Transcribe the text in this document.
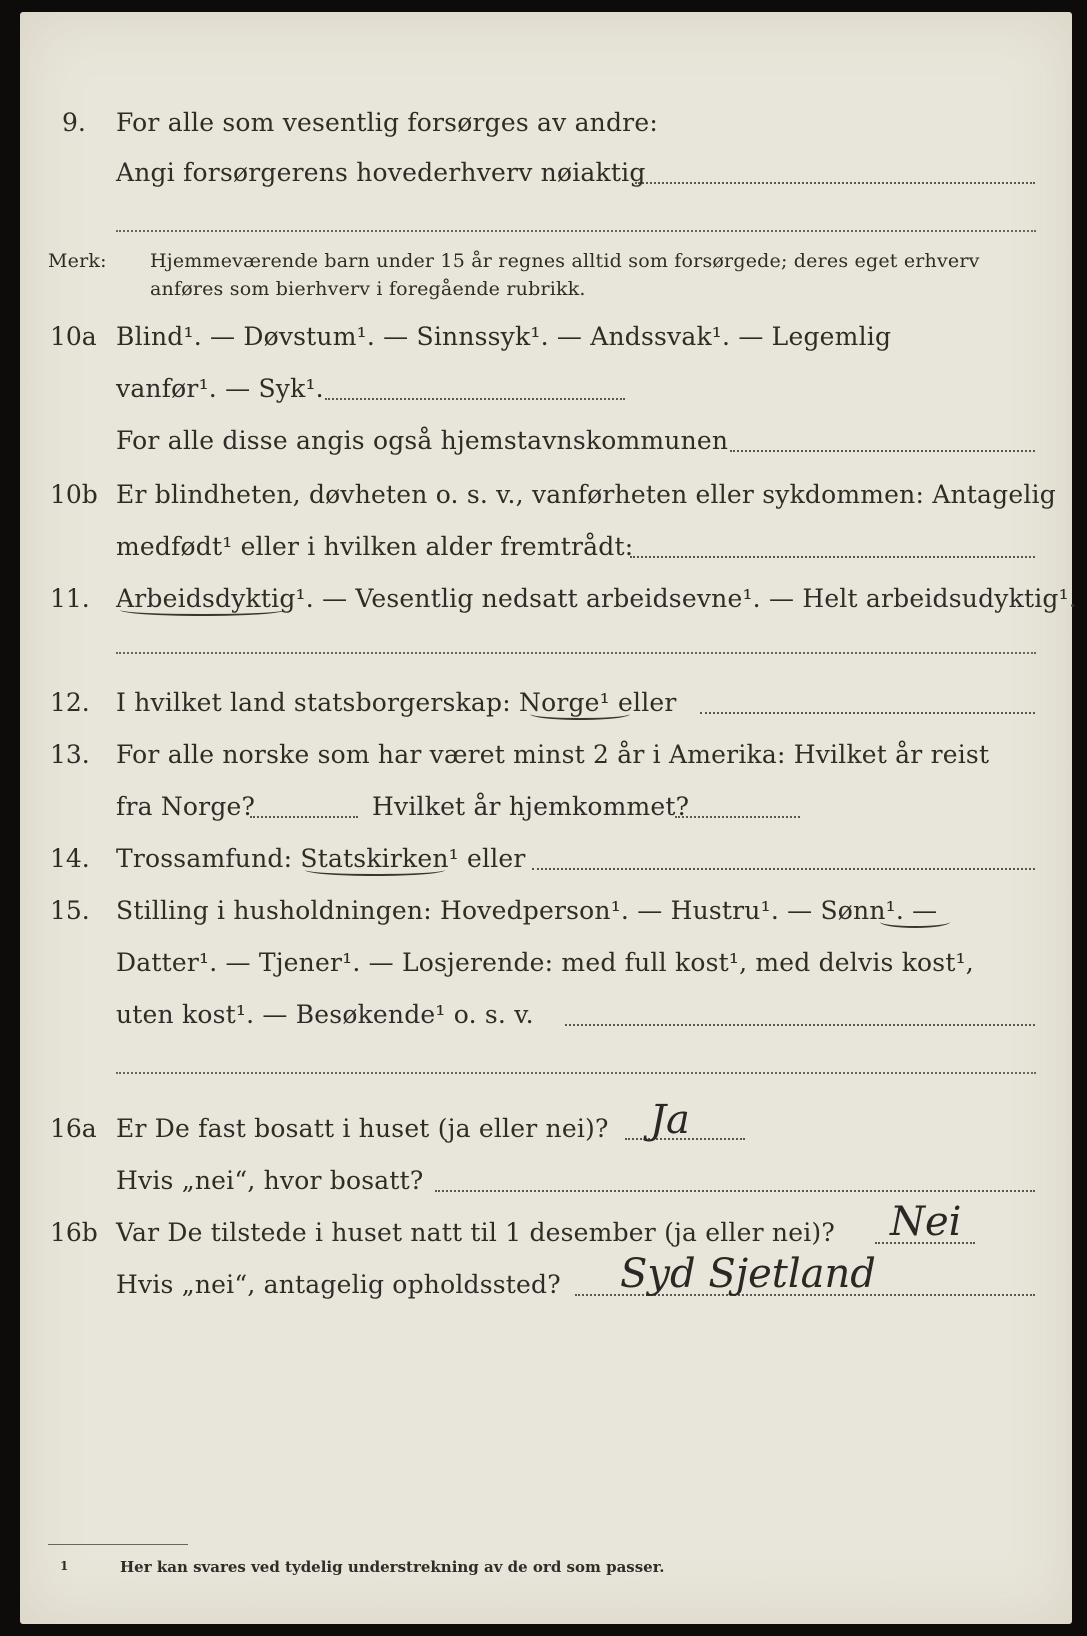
9. For alle som vesentlig forsørges av andre:
Angi forsørgerens hovederhverv nøiaktig
Merk: Hjemmeværende barn under 15 år regnes alltid som forsørgede; deres eget erhverv
anføres som bierhverv i foregående rubrikk.
10a Blind¹. — Døvstum¹. — Sinnssyk¹. — Andssvak¹. — Legemlig
vanfør¹. — Syk¹.
For alle disse angis også hjemstavnskommunen
10b Er blindheten, døvheten o. s. v., vanførheten eller sykdommen: Antagelig
medfødt¹ eller i hvilken alder fremtrådt:
11. Arbeidsdyktig¹. — Vesentlig nedsatt arbeidsevne¹. — Helt arbeidsudyktig¹.
12. I hvilket land statsborgerskap: Norge¹ eller
13. For alle norske som har været minst 2 år i Amerika: Hvilket år reist
fra Norge?	Hvilket år hjemkommet?
14. Trossamfund: Statskirken¹ eller
15. Stilling i husholdningen: Hovedperson¹. — Hustru¹. — Sønn¹. —
Datter¹. — Tjener¹. — Losjerende: med full kost¹, med delvis kost¹,
uten kost¹. — Besøkende¹ o. s. v.
16a Er De fast bosatt i huset (ja eller nei)? Ja
Hvis „nei“, hvor bosatt?
16b Var De tilstede i huset natt til 1 desember (ja eller nei)? Nei
Hvis „nei“, antagelig opholdssted? Syd Sjetland
1	Her kan svares ved tydelig understrekning av de ord som passer.
